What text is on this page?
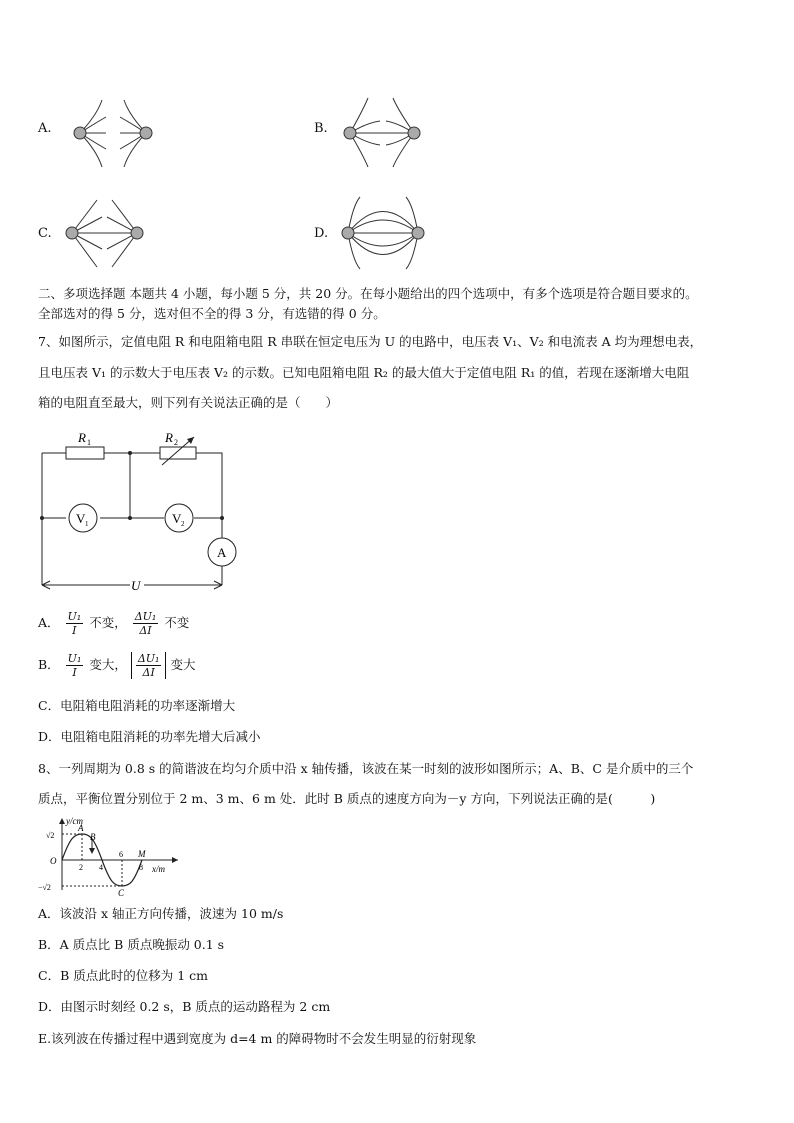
A.	B.
C.	D.
二、多项选择题 本题共 4 小题，每小题 5 分，共 20 分。在每小题给出的四个选项中，有多个选项是符合题目要求的。
全部选对的得 5 分，选对但不全的得 3 分，有选错的得 0 分。
7、如图所示，定值电阻 R 和电阻箱电阻 R 串联在恒定电压为 U 的电路中，电压表 V₁、V₂ 和电流表 A 均为理想电表，
且电压表 V₁ 的示数大于电压表 V₂ 的示数。已知电阻箱电阻 R₂ 的最大值大于定值电阻 R₁ 的值，若现在逐渐增大电阻
箱的电阻直至最大，则下列有关说法正确的是（　　）
R 1	R 2
V 1	V 2
A
U
A． $\frac{\text{U₁}}{I}$ 不变， $\frac{\text{ΔU₁}}{\Delta I}$ 不变
B． $\frac{\text{U₁}}{I}$ 变大， $\frac{\text{ΔU₁}}{\Delta I}$ 变大
C．电阻箱电阻消耗的功率逐渐增大
D．电阻箱电阻消耗的功率先增大后减小
8、一列周期为 0.8 s 的简谐波在均匀介质中沿 x 轴传播，该波在某一时刻的波形如图所示；A、B、C 是介质中的三个
质点，平衡位置分别位于 2 m、3 m、6 m 处．此时 B 质点的速度方向为－y 方向，下列说法正确的是(　　　)
y/cm
x/m
O
√2
−√2
2 4
6
8
A
B
C
M
A．该波沿 x 轴正方向传播，波速为 10 m/s
B．A 质点比 B 质点晚振动 0.1 s
C．B 质点此时的位移为 1 cm
D．由图示时刻经 0.2 s，B 质点的运动路程为 2 cm
E.该列波在传播过程中遇到宽度为 d=4 m 的障碍物时不会发生明显的衍射现象
